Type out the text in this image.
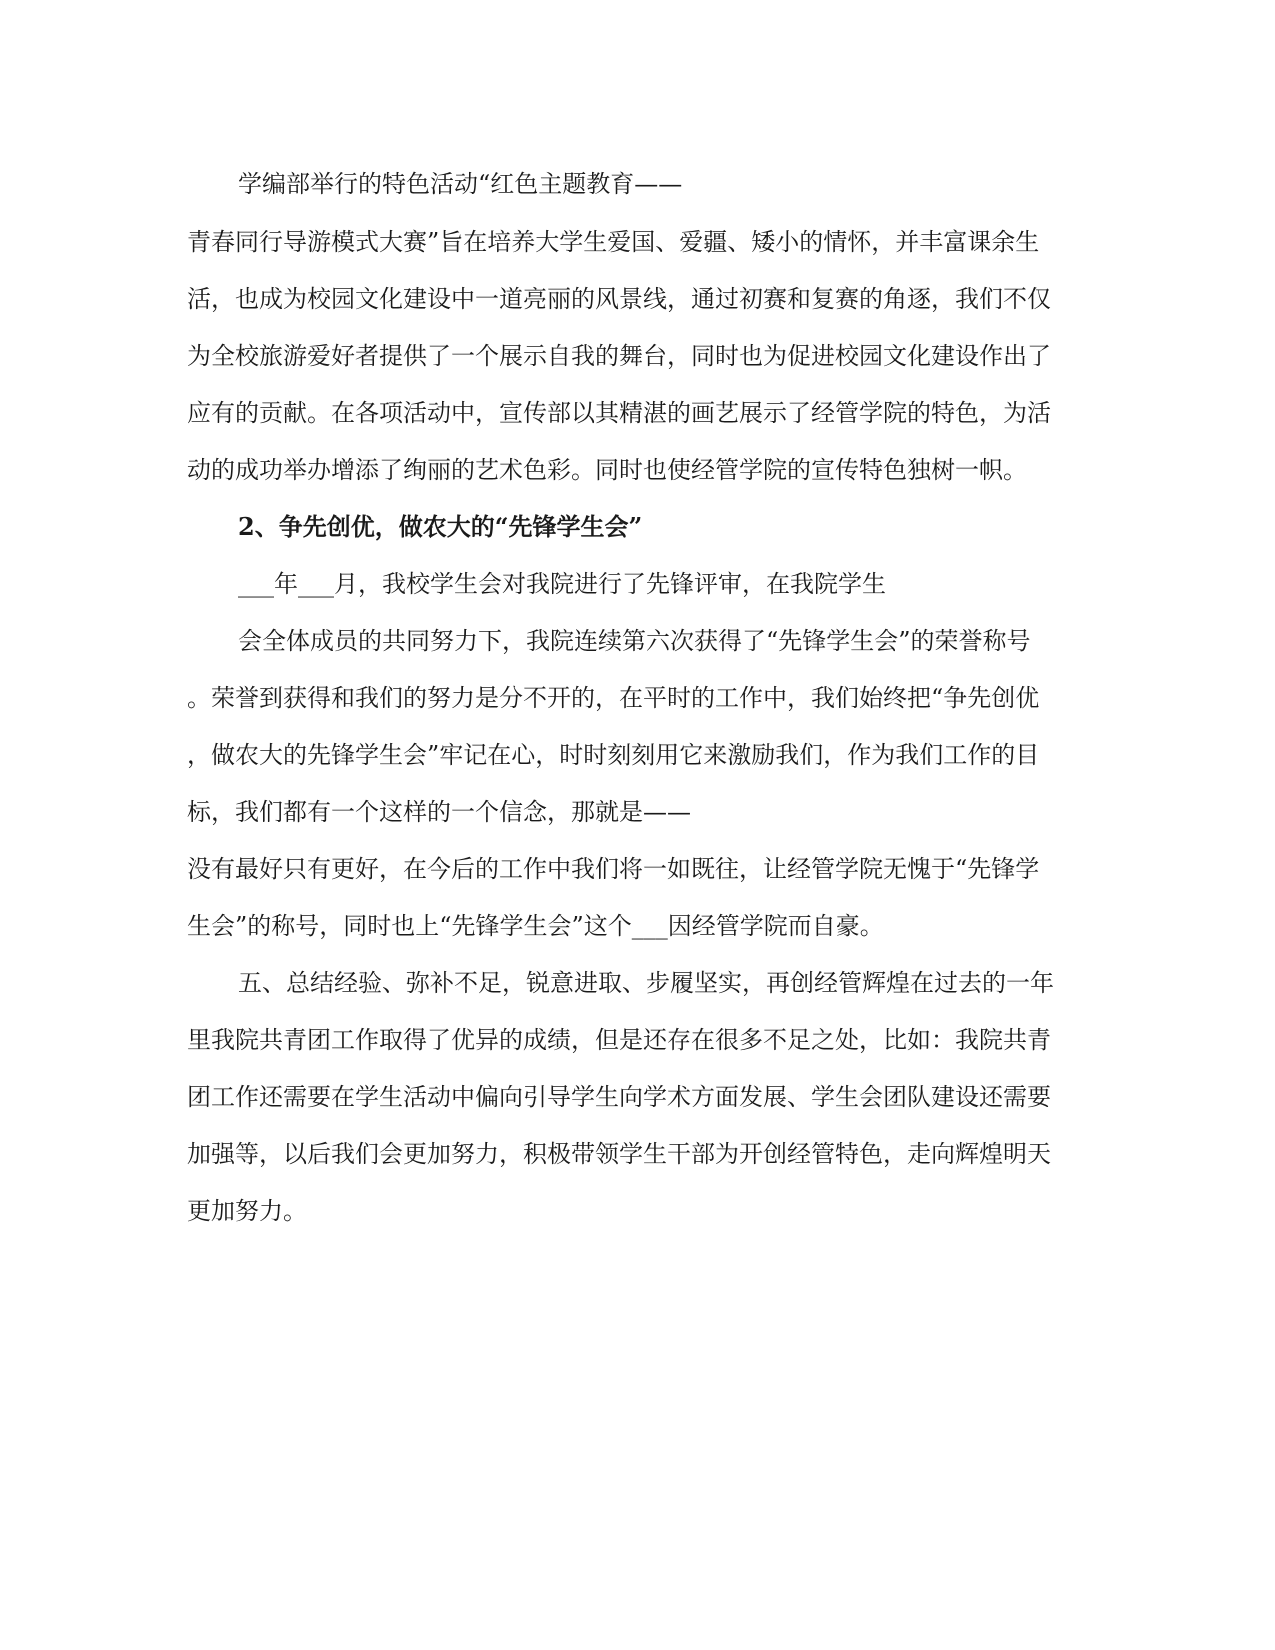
学编部举行的特色活动“红色主题教育——
青春同行导游模式大赛”旨在培养大学生爱国、爱疆、矮小的情怀，并丰富课余生
活，也成为校园文化建设中一道亮丽的风景线，通过初赛和复赛的角逐，我们不仅
为全校旅游爱好者提供了一个展示自我的舞台，同时也为促进校园文化建设作出了
应有的贡献。在各项活动中，宣传部以其精湛的画艺展示了经管学院的特色，为活
动的成功举办增添了绚丽的艺术色彩。同时也使经管学院的宣传特色独树一帜。
2、争先创优，做农大的“先锋学生会”
___年___月，我校学生会对我院进行了先锋评审，在我院学生
会全体成员的共同努力下，我院连续第六次获得了“先锋学生会”的荣誉称号
。荣誉到获得和我们的努力是分不开的，在平时的工作中，我们始终把“争先创优
，做农大的先锋学生会”牢记在心，时时刻刻用它来激励我们，作为我们工作的目
标，我们都有一个这样的一个信念，那就是——
没有最好只有更好，在今后的工作中我们将一如既往，让经管学院无愧于“先锋学
生会”的称号，同时也上“先锋学生会”这个___因经管学院而自豪。
五、总结经验、弥补不足，锐意进取、步履坚实，再创经管辉煌在过去的一年
里我院共青团工作取得了优异的成绩，但是还存在很多不足之处，比如：我院共青
团工作还需要在学生活动中偏向引导学生向学术方面发展、学生会团队建设还需要
加强等，以后我们会更加努力，积极带领学生干部为开创经管特色，走向辉煌明天
更加努力。
